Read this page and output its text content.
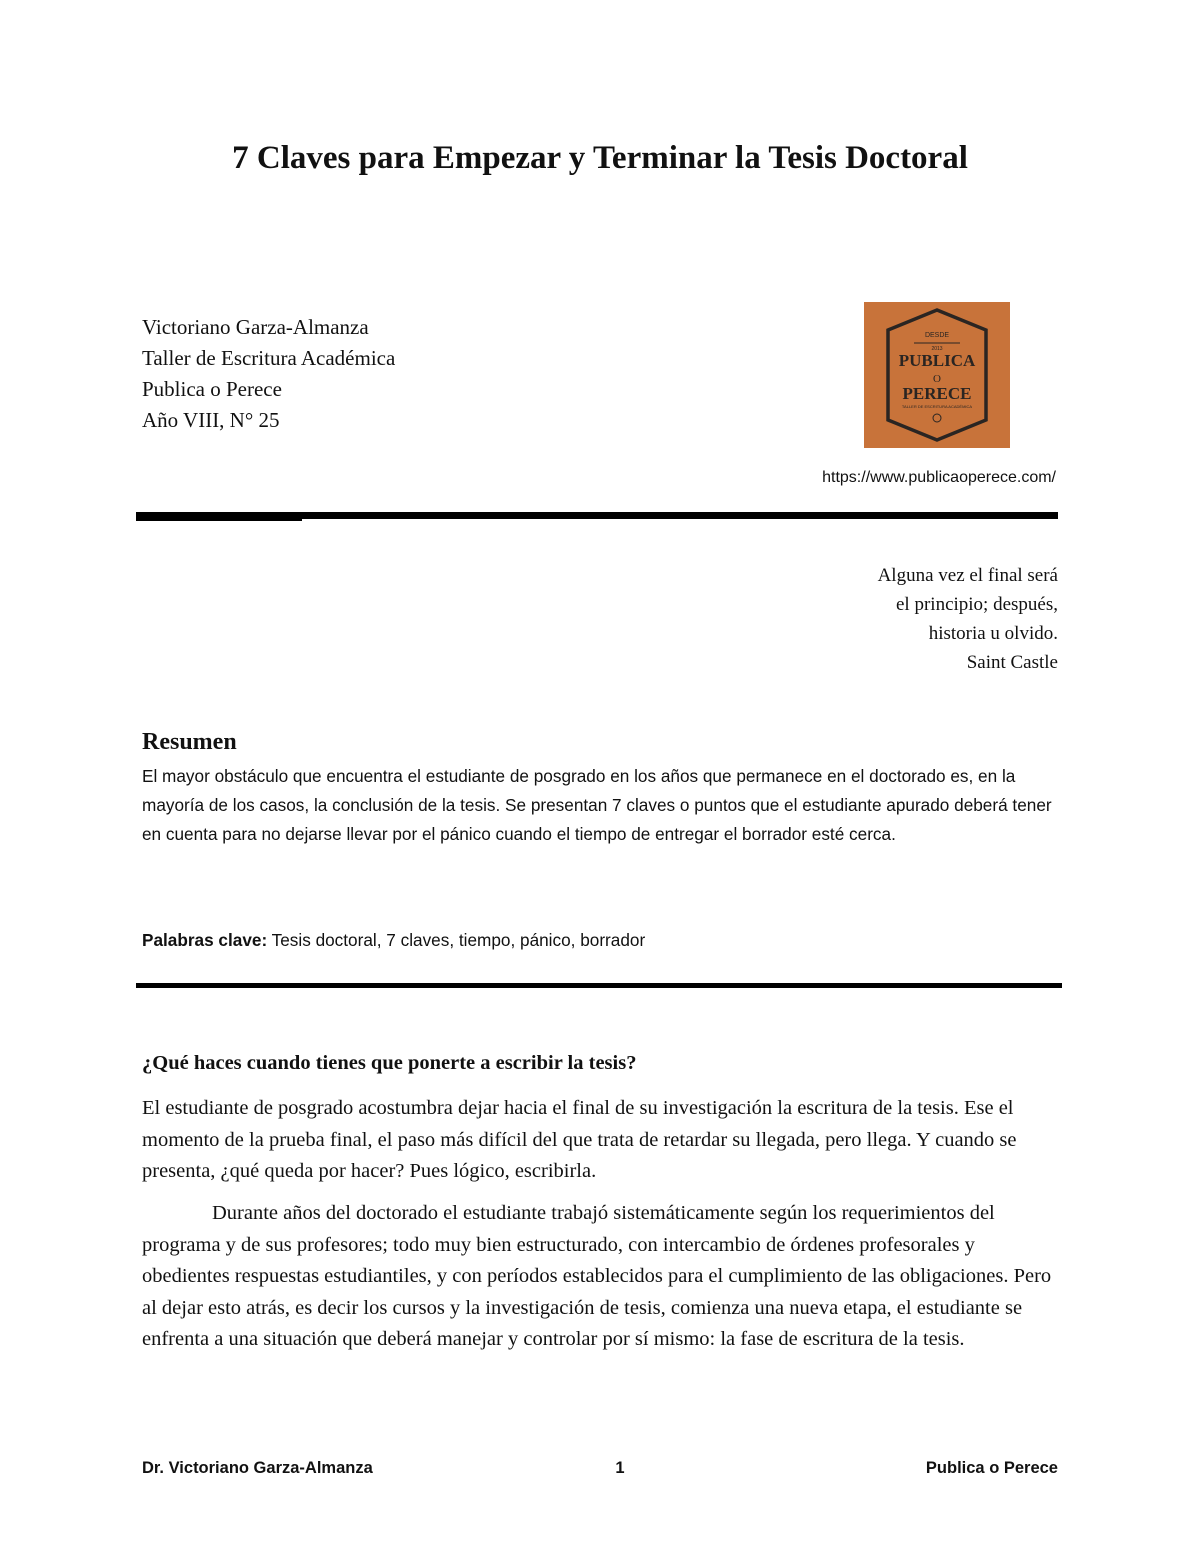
7 Claves para Empezar y Terminar la Tesis Doctoral
Victoriano Garza-Almanza
Taller de Escritura Académica
Publica o Perece
Año VIII, N° 25
DESDE
2013
PUBLICA
O
PERECE
TALLER DE ESCRITURA ACADÉMICA
https://www.publicaoperece.com/
Alguna vez el final será
el principio; después,
historia u olvido.
Saint Castle
Resumen

El mayor obstáculo que encuentra el estudiante de posgrado en los años que permanece en el doctorado es, en la mayoría de los casos, la conclusión de la tesis. Se presentan 7 claves o puntos que el estudiante apurado deberá tener en cuenta para no dejarse llevar por el pánico cuando el tiempo de entregar el borrador esté cerca.

Palabras clave: Tesis doctoral, 7 claves, tiempo, pánico, borrador
¿Qué haces cuando tienes que ponerte a escribir la tesis?

El estudiante de posgrado acostumbra dejar hacia el final de su investigación la escritura de la tesis. Ese el momento de la prueba final, el paso más difícil del que trata de retardar su llegada, pero llega. Y cuando se presenta, ¿qué queda por hacer? Pues lógico, escribirla.

Durante años del doctorado el estudiante trabajó sistemáticamente según los requerimientos del programa y de sus profesores; todo muy bien estructurado, con intercambio de órdenes profesorales y obedientes respuestas estudiantiles, y con períodos establecidos para el cumplimiento de las obligaciones. Pero al dejar esto atrás, es decir los cursos y la investigación de tesis, comienza una nueva etapa, el estudiante se enfrenta a una situación que deberá manejar y controlar por sí mismo: la fase de escritura de la tesis.

Dr. Victoriano Garza-Almanza	1	Publica o Perece
